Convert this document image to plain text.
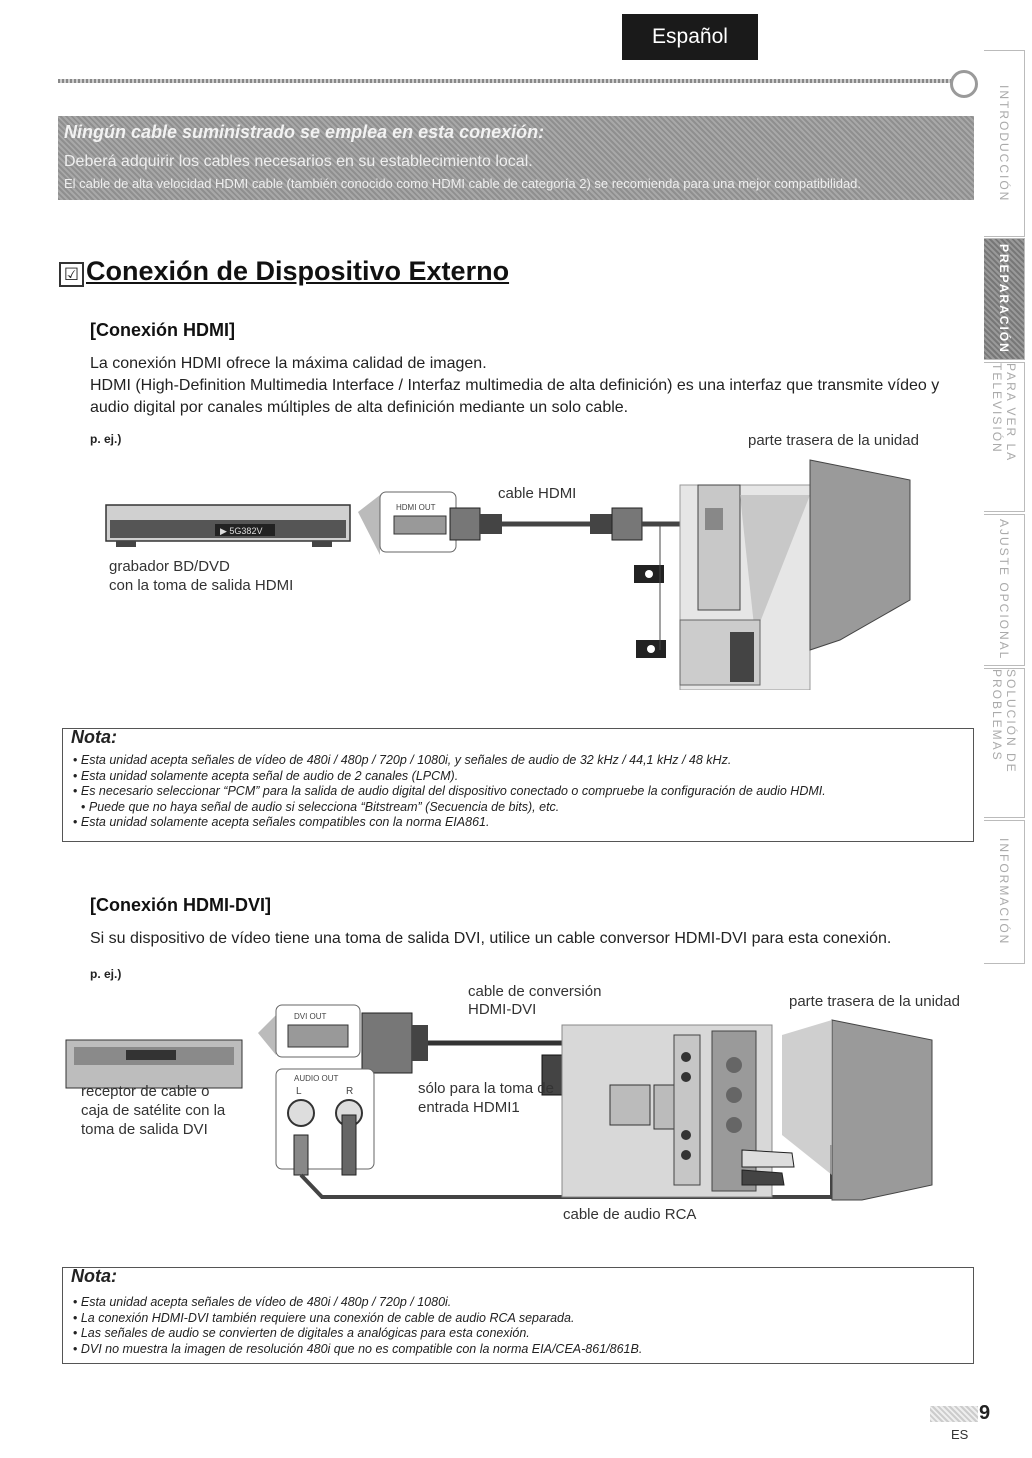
Español
Ningún cable suministrado se emplea en esta conexión:
Deberá adquirir los cables necesarios en su establecimiento local.
El cable de alta velocidad HDMI cable (también conocido como HDMI cable de categoría 2) se recomienda para una mejor compatibilidad.	INTRODUCCIÓN
PREPARACIÓN
PARA VER LA TELEVISIÓN
AJUSTE OPCIONAL
SOLUCIÓN DE PROBLEMAS
INFORMACIÓN
☑ Conexión de Dispositivo Externo
[Conexión HDMI]
La conexión HDMI ofrece la máxima calidad de imagen.
HDMI (High-Definition Multimedia Interface / Interfaz multimedia de alta definición) es una interfaz que transmite vídeo y audio digital por canales múltiples de alta definición mediante un solo cable.
p. ej.)	parte trasera de la unidad
▶ 5G382V
HDMI OUT
cable HDMI
grabador BD/DVD
con la toma de salida HDMI
Nota:
• Esta unidad acepta señales de vídeo de 480i / 480p / 720p / 1080i, y señales de audio de 32 kHz / 44,1 kHz / 48 kHz.
• Esta unidad solamente acepta señal de audio de 2 canales (LPCM).
• Es necesario seleccionar “PCM” para la salida de audio digital del dispositivo conectado o compruebe la configuración de audio HDMI.
• Puede que no haya señal de audio si selecciona “Bitstream” (Secuencia de bits), etc.
• Esta unidad solamente acepta señales compatibles con la norma EIA861.
[Conexión HDMI-DVI]
Si su dispositivo de vídeo tiene una toma de salida DVI, utilice un cable conversor HDMI-DVI para esta conexión.
p. ej.)
DVI OUT
AUDIO OUT
L	R
cable de conversión
HDMI-DVI	parte trasera de la unidad
receptor de cable o
caja de satélite con la
toma de salida DVI
sólo para la toma de
entrada HDMI1
cable de audio RCA
Nota:
• Esta unidad acepta señales de vídeo de 480i / 480p / 720p / 1080i.
• La conexión HDMI-DVI también requiere una conexión de cable de audio RCA separada.
• Las señales de audio se convierten de digitales a analógicas para esta conexión.
• DVI no muestra la imagen de resolución 480i que no es compatible con la norma EIA/CEA-861/861B.
9
ES
